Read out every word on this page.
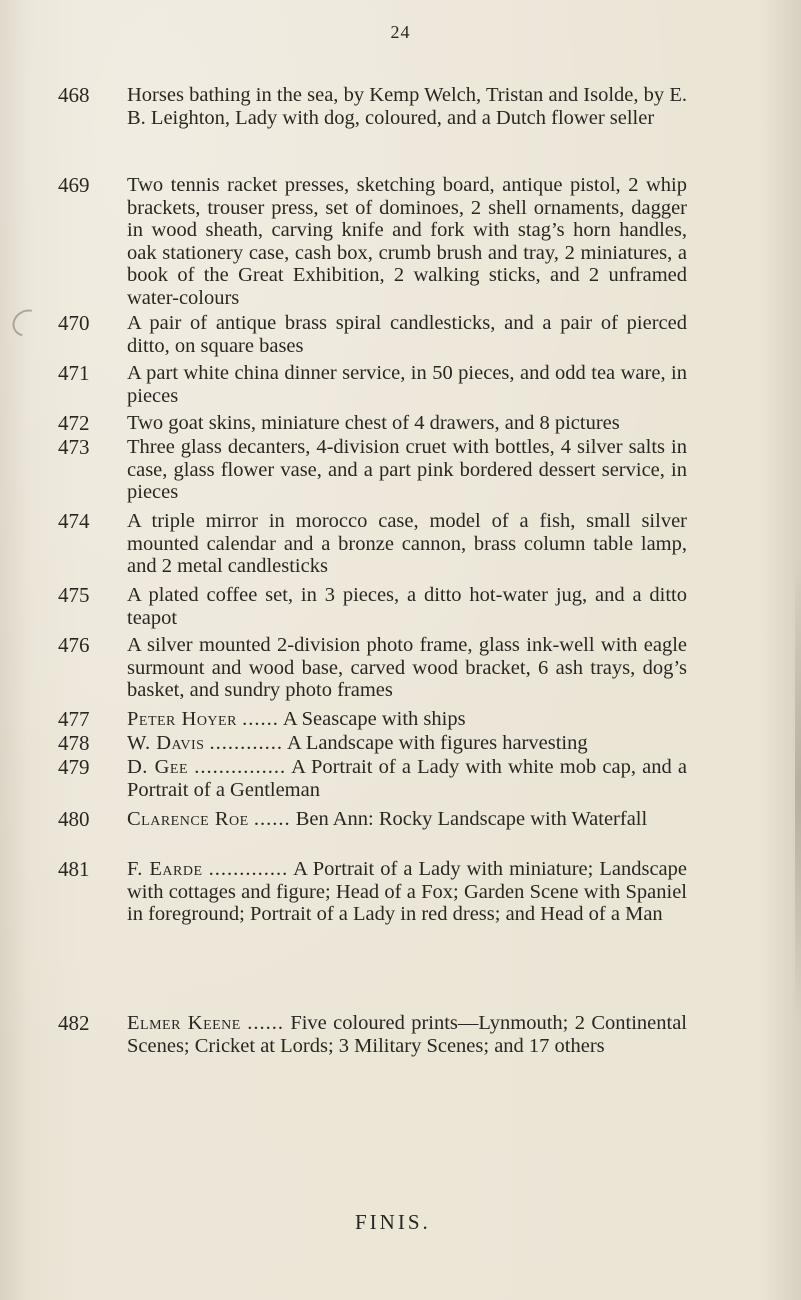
24
468	Horses bathing in the sea, by Kemp Welch, Tristan and Isolde, by E. B. Leighton, Lady with dog, coloured, and a Dutch flower seller
469	Two tennis racket presses, sketching board, antique pistol, 2 whip brackets, trouser press, set of dominoes, 2 shell ornaments, dagger in wood sheath, carving knife and fork with stag’s horn handles, oak stationery case, cash box, crumb brush and tray, 2 miniatures, a book of the Great Exhibition, 2 walking sticks, and 2 unframed water-colours
470	A pair of antique brass spiral candlesticks, and a pair of pierced ditto, on square bases
471	A part white china dinner service, in 50 pieces, and odd tea ware, in pieces
472	Two goat skins, miniature chest of 4 drawers, and 8 pictures
473	Three glass decanters, 4-division cruet with bottles, 4 silver salts in case, glass flower vase, and a part pink bordered dessert service, in pieces
474	A triple mirror in morocco case, model of a fish, small silver mounted calendar and a bronze cannon, brass column table lamp, and 2 metal candlesticks
475	A plated coffee set, in 3 pieces, a ditto hot-water jug, and a ditto teapot
476	A silver mounted 2-division photo frame, glass ink-well with eagle surmount and wood base, carved wood bracket, 6 ash trays, dog’s basket, and sundry photo frames
477	Peter Hoyer ...... A Seascape with ships
478	W. Davis ............ A Landscape with figures harvesting
479	D. Gee ............... A Portrait of a Lady with white mob cap, and a Portrait of a Gentleman
480	Clarence Roe ...... Ben Ann: Rocky Landscape with Waterfall
481	F. Earde ............. A Portrait of a Lady with miniature; Landscape with cottages and figure; Head of a Fox; Garden Scene with Spaniel in foreground; Portrait of a Lady in red dress; and Head of a Man
482	Elmer Keene ...... Five coloured prints—Lynmouth; 2 Continental Scenes; Cricket at Lords; 3 Military Scenes; and 17 others
FINIS.
